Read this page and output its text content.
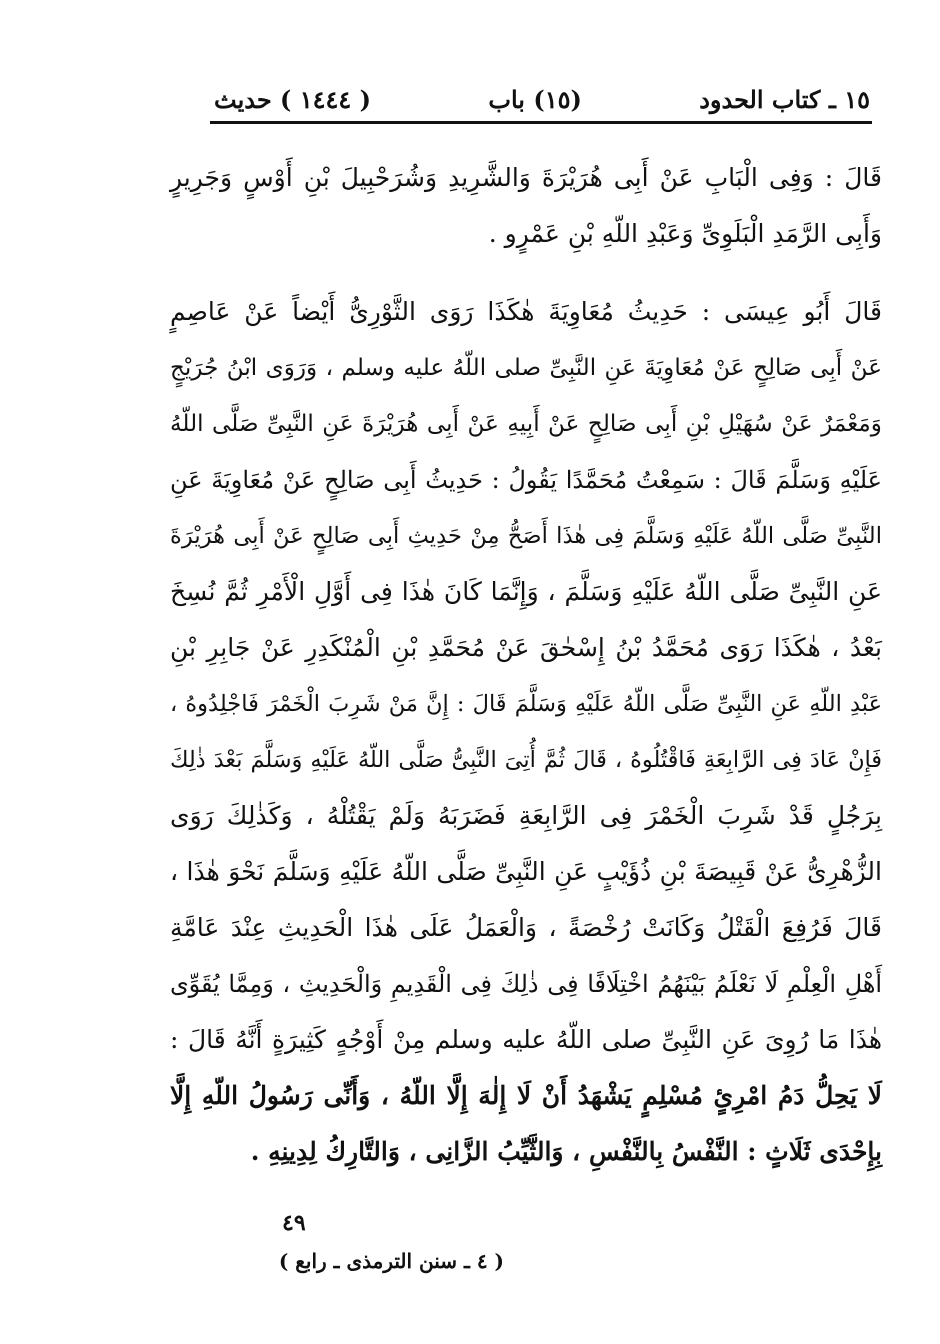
١٥ ـ كتاب الحدود
(١٥) باب
( ١٤٤٤ ) حديث

قَالَ : وَفِى الْبَابِ عَنْ أَبِى هُرَيْرَةَ وَالشَّرِيدِ وَشُرَحْبِيلَ بْنِ أَوْسٍ وَجَرِيرٍ
وَأَبِى الرَّمَدِ الْبَلَوِىِّ وَعَبْدِ اللّهِ بْنِ عَمْرٍو .

قَالَ أَبُو عِيسَى : حَدِيثُ مُعَاوِيَةَ هٰكَذَا رَوَى الثَّوْرِىُّ أَيْضاً عَنْ عَاصِمٍ
عَنْ أَبِى صَالِحٍ عَنْ مُعَاوِيَةَ عَنِ النَّبِىِّ صلى اللّهُ عليه وسلم ، وَرَوَى ابْنُ جُرَيْجٍ
وَمَعْمَرٌ عَنْ سُهَيْلِ بْنِ أَبِى صَالِحٍ عَنْ أَبِيهِ عَنْ أَبِى هُرَيْرَةَ عَنِ النَّبِىِّ صَلَّى اللّهُ
عَلَيْهِ وَسَلَّمَ قَالَ : سَمِعْتُ مُحَمَّدًا يَقُولُ : حَدِيثُ أَبِى صَالِحٍ عَنْ مُعَاوِيَةَ عَنِ
النَّبِىِّ صَلَّى اللّهُ عَلَيْهِ وَسَلَّمَ فِى هٰذَا أَصَحُّ مِنْ حَدِيثِ أَبِى صَالِحٍ عَنْ أَبِى هُرَيْرَةَ
عَنِ النَّبِىِّ صَلَّى اللّهُ عَلَيْهِ وَسَلَّمَ ، وَإِنَّمَا كَانَ هٰذَا فِى أَوَّلِ الْأَمْرِ ثُمَّ نُسِخَ
بَعْدُ ، هٰكَذَا رَوَى مُحَمَّدُ بْنُ إِسْحٰقَ عَنْ مُحَمَّدِ بْنِ الْمُنْكَدِرِ عَنْ جَابِرِ بْنِ
عَبْدِ اللّهِ عَنِ النَّبِىِّ صَلَّى اللّهُ عَلَيْهِ وَسَلَّمَ قَالَ : إِنَّ مَنْ شَرِبَ الْخَمْرَ فَاجْلِدُوهُ ،
فَإِنْ عَادَ فِى الرَّابِعَةِ فَاقْتُلُوهُ ، قَالَ ثُمَّ أُتِىَ النَّبِىُّ صَلَّى اللّهُ عَلَيْهِ وَسَلَّمَ بَعْدَ ذٰلِكَ
بِرَجُلٍ قَدْ شَرِبَ الْخَمْرَ فِى الرَّابِعَةِ فَضَرَبَهُ وَلَمْ يَقْتُلْهُ ، وَكَذٰلِكَ رَوَى
الزُّهْرِىُّ عَنْ قَبِيصَةَ بْنِ ذُؤَيْبٍ عَنِ النَّبِىِّ صَلَّى اللّهُ عَلَيْهِ وَسَلَّمَ نَحْوَ هٰذَا ،
قَالَ فَرُفِعَ الْقَتْلُ وَكَانَتْ رُخْصَةً ، وَالْعَمَلُ عَلَى هٰذَا الْحَدِيثِ عِنْدَ عَامَّةِ
أَهْلِ الْعِلْمِ لَا نَعْلَمُ بَيْنَهُمُ اخْتِلَافًا فِى ذٰلِكَ فِى الْقَدِيمِ وَالْحَدِيثِ ، وَمِمَّا يُقَوِّى
هٰذَا مَا رُوِىَ عَنِ النَّبِىِّ صلى اللّهُ عليه وسلم مِنْ أَوْجُهٍ كَثِيرَةٍ أَنَّهُ قَالَ :
لَا يَحِلُّ دَمُ امْرِئٍ مُسْلِمٍ يَشْهَدُ أَنْ لَا إِلٰهَ إِلَّا اللّهُ ، وَأَنِّى رَسُولُ اللّهِ إِلَّا
بِإِحْدَى ثَلَاثٍ : النَّفْسُ بِالنَّفْسِ ، وَالثَّيِّبُ الزَّانِى ، وَالتَّارِكُ لِدِينِهِ .

٤٩
( ٤ ـ سنن الترمذى ـ رابع )
